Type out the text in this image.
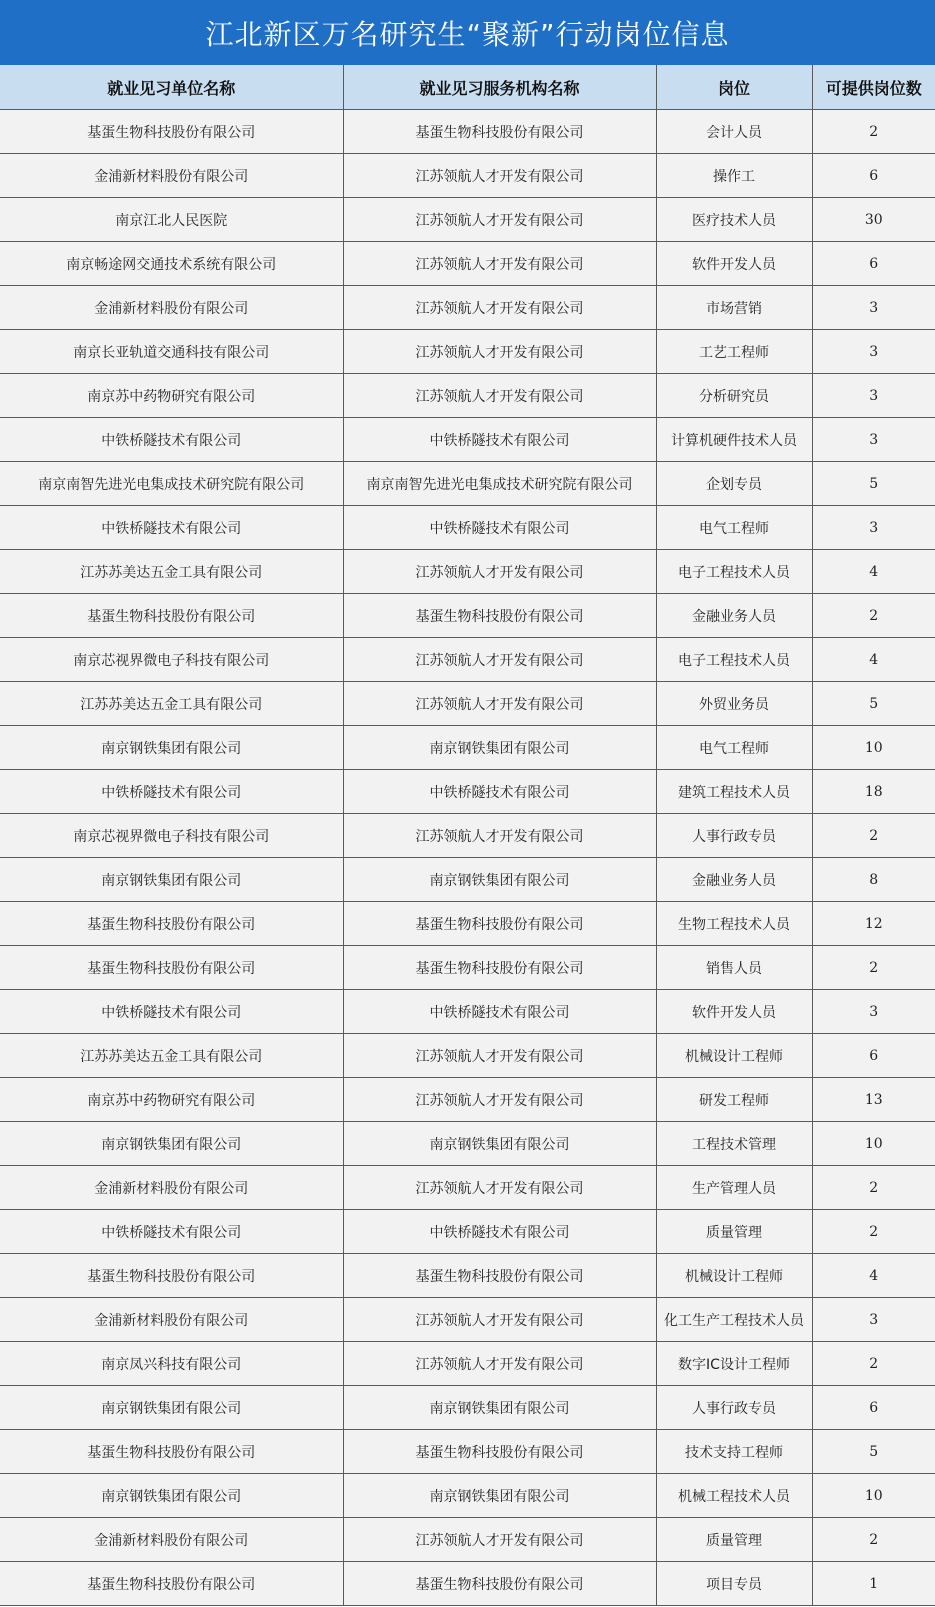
江北新区万名研究生“聚新”行动岗位信息
就业见习单位名称	就业见习服务机构名称	岗位	可提供岗位数
基蛋生物科技股份有限公司	基蛋生物科技股份有限公司	会计人员	2
金浦新材料股份有限公司	江苏领航人才开发有限公司	操作工	6
南京江北人民医院	江苏领航人才开发有限公司	医疗技术人员	30
南京畅途网交通技术系统有限公司	江苏领航人才开发有限公司	软件开发人员	6
金浦新材料股份有限公司	江苏领航人才开发有限公司	市场营销	3
南京长亚轨道交通科技有限公司	江苏领航人才开发有限公司	工艺工程师	3
南京苏中药物研究有限公司	江苏领航人才开发有限公司	分析研究员	3
中铁桥隧技术有限公司	中铁桥隧技术有限公司	计算机硬件技术人员	3
南京南智先进光电集成技术研究院有限公司	南京南智先进光电集成技术研究院有限公司	企划专员	5
中铁桥隧技术有限公司	中铁桥隧技术有限公司	电气工程师	3
江苏苏美达五金工具有限公司	江苏领航人才开发有限公司	电子工程技术人员	4
基蛋生物科技股份有限公司	基蛋生物科技股份有限公司	金融业务人员	2
南京芯视界微电子科技有限公司	江苏领航人才开发有限公司	电子工程技术人员	4
江苏苏美达五金工具有限公司	江苏领航人才开发有限公司	外贸业务员	5
南京钢铁集团有限公司	南京钢铁集团有限公司	电气工程师	10
中铁桥隧技术有限公司	中铁桥隧技术有限公司	建筑工程技术人员	18
南京芯视界微电子科技有限公司	江苏领航人才开发有限公司	人事行政专员	2
南京钢铁集团有限公司	南京钢铁集团有限公司	金融业务人员	8
基蛋生物科技股份有限公司	基蛋生物科技股份有限公司	生物工程技术人员	12
基蛋生物科技股份有限公司	基蛋生物科技股份有限公司	销售人员	2
中铁桥隧技术有限公司	中铁桥隧技术有限公司	软件开发人员	3
江苏苏美达五金工具有限公司	江苏领航人才开发有限公司	机械设计工程师	6
南京苏中药物研究有限公司	江苏领航人才开发有限公司	研发工程师	13
南京钢铁集团有限公司	南京钢铁集团有限公司	工程技术管理	10
金浦新材料股份有限公司	江苏领航人才开发有限公司	生产管理人员	2
中铁桥隧技术有限公司	中铁桥隧技术有限公司	质量管理	2
基蛋生物科技股份有限公司	基蛋生物科技股份有限公司	机械设计工程师	4
金浦新材料股份有限公司	江苏领航人才开发有限公司	化工生产工程技术人员	3
南京凤兴科技有限公司	江苏领航人才开发有限公司	数字IC设计工程师	2
南京钢铁集团有限公司	南京钢铁集团有限公司	人事行政专员	6
基蛋生物科技股份有限公司	基蛋生物科技股份有限公司	技术支持工程师	5
南京钢铁集团有限公司	南京钢铁集团有限公司	机械工程技术人员	10
金浦新材料股份有限公司	江苏领航人才开发有限公司	质量管理	2
基蛋生物科技股份有限公司	基蛋生物科技股份有限公司	项目专员	1
